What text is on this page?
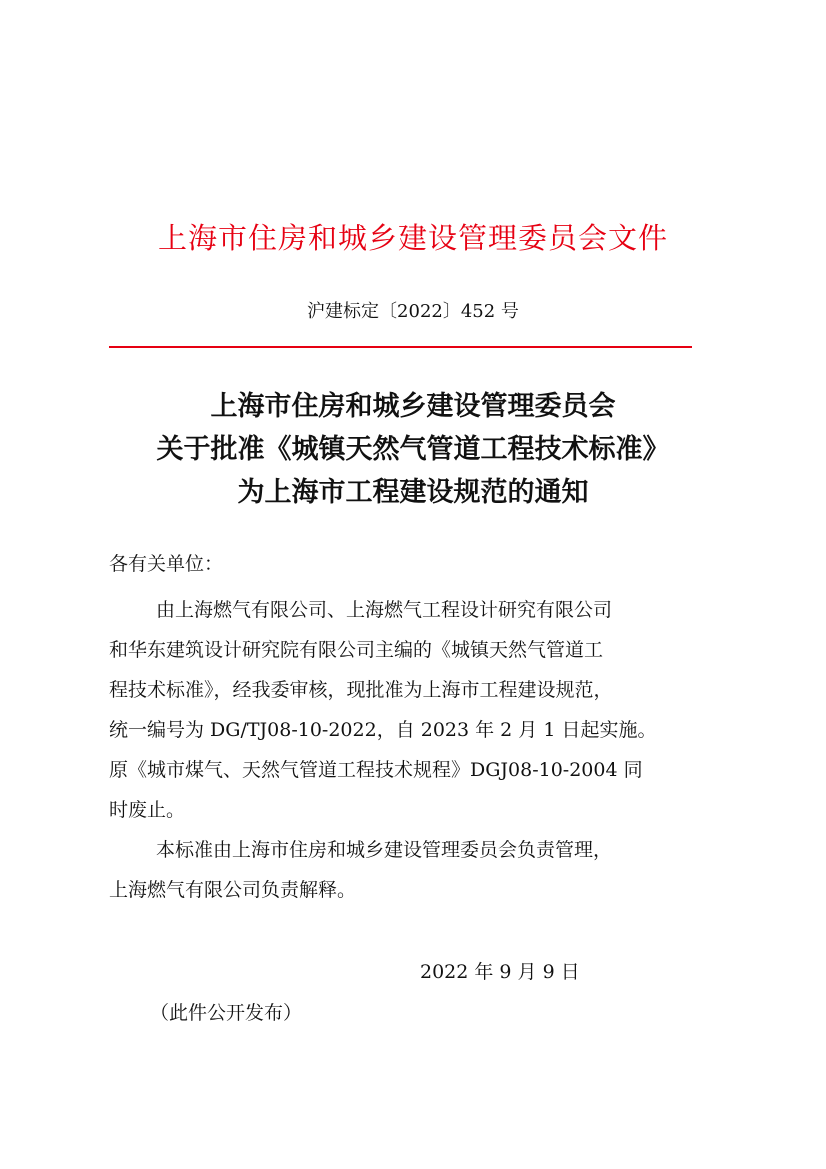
上海市住房和城乡建设管理委员会文件
沪建标定〔2022〕452 号
上海市住房和城乡建设管理委员会
关于批准《城镇天然气管道工程技术标准》
为上海市工程建设规范的通知
各有关单位：
由上海燃气有限公司、上海燃气工程设计研究有限公司
和华东建筑设计研究院有限公司主编的《城镇天然气管道工
程技术标准》，经我委审核，现批准为上海市工程建设规范，
统一编号为 DG/TJ08-10-2022，自 2023 年 2 月 1 日起实施。
原《城市煤气、天然气管道工程技术规程》DGJ08-10-2004 同
时废止。
本标准由上海市住房和城乡建设管理委员会负责管理，
上海燃气有限公司负责解释。
2022 年 9 月 9 日
（此件公开发布）
